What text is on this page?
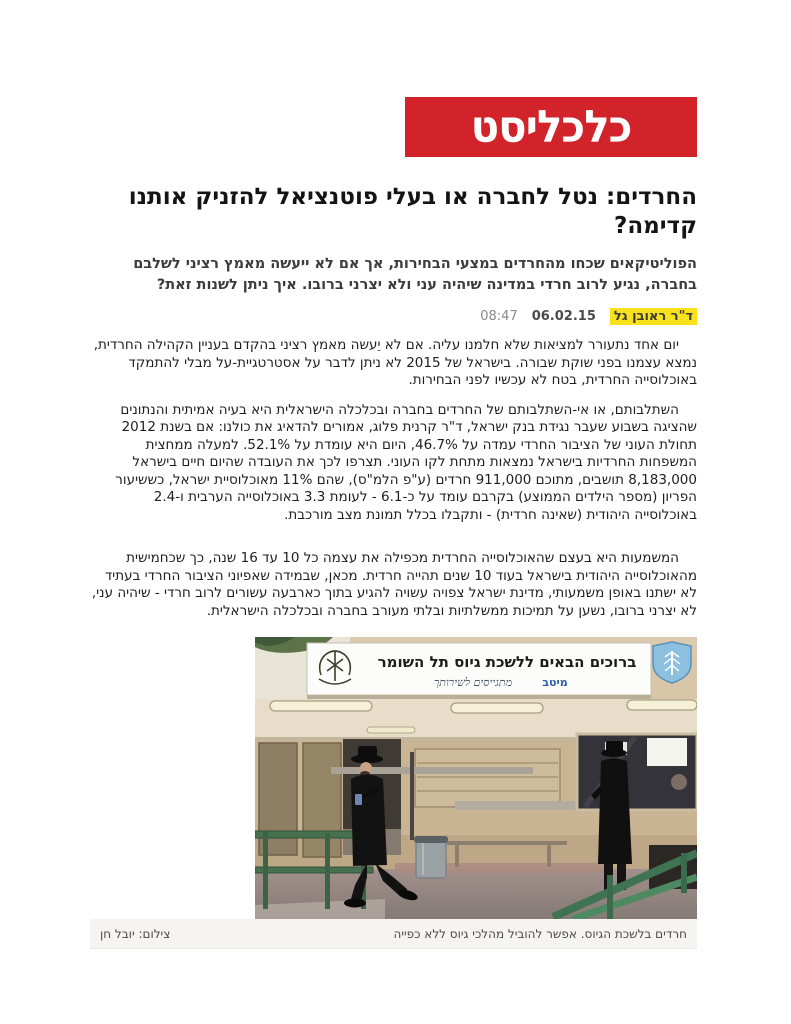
כלכליסט
החרדים: נטל לחברה או בעלי פוטנציאל להזניק אותנו קדימה?

הפוליטיקאים שכחו מהחרדים במצעי הבחירות, אך אם לא ייעשה מאמץ רציני לשלבם בחברה, נגיע לרוב חרדי במדינה שיהיה עני ולא יצרני ברובו. איך ניתן לשנות זאת?

ד"ר ראובן גל
06.02.15
08:47

יום אחד נתעורר למציאות שלא חלמנו עליה. אם לא יֵעשה מאמץ רציני בהקדם בעניין הקהילה החרדית, נמצא עצמנו בפני שוקת שבורה. בישראל של 2015 לא ניתן לדבר על אסטרטגיית-על מבלי להתמקד באוכלוסייה החרדית, בטח לא עכשיו לפני הבחירות.

השתלבותם, או אי-השתלבותם של החרדים בחברה ובכלכלה הישראלית היא בעיה אמיתית והנתונים שהציגה בשבוע שעבר נגידת בנק ישראל, ד"ר קרנית פלוג, אמורים להדאיג את כולנו: אם בשנת 2012 תחולת העוני של הציבור החרדי עמדה על 46.7%, היום היא עומדת על 52.1%. למעלה ממחצית המשפחות החרדיות בישראל נמצאות מתחת לקו העוני. תצרפו לכך את העובדה שהיום חיים בישראל 8,183,000 תושבים, מתוכם 911,000 חרדים (ע"פ הלמ"ס), שהם 11% מאוכלוסיית ישראל, כששיעור הפריון (מספר הילדים הממוצע) בקרבם עומד על כ-6.1 - לעומת 3.3 באוכלוסייה הערבית ו-2.4 באוכלוסייה היהודית (שאינה חרדית) - ותקבלו בכלל תמונת מצב מורכבת.

המשמעות היא בעצם שהאוכלוסייה החרדית מכפילה את עצמה כל 10 עד 16 שנה, כך שכחמישית מהאוכלוסייה היהודית בישראל בעוד 10 שנים תהייה חרדית. מכאן, שבמידה שאפיוני הציבור החרדי בעתיד לא ישתנו באופן משמעותי, מדינת ישראל צפויה עשויה להגיע בתוך כארבעה עשורים לרוב חרדי - שיהיה עני, לא יצרני ברובו, נשען על תמיכות ממשלתיות ובלתי מעורב בחברה ובכלכלה הישראלית.

ברוכים הבאים ללשכת גיוס תל השומר
מיטב
מתגייסים לשירותך
חרדים בלשכת הגיוס. אפשר להוביל מהלכי גיוס ללא כפייה
צילום: יובל חן
